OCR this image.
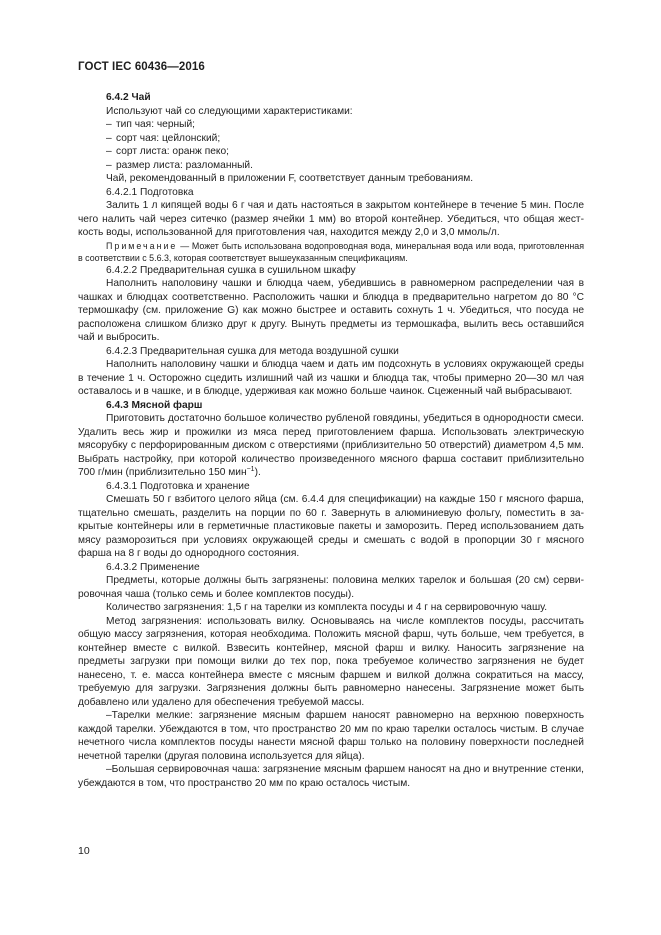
ГОСТ IEC 60436—2016

6.4.2 Чай

Используют чай со следующими характеристиками:

– тип чая: черный;

– сорт чая: цейлонский;

– сорт листа: оранж пеко;

– размер листа: разломанный.

Чай, рекомендованный в приложении F, соответствует данным требованиям.

6.4.2.1 Подготовка

Залить 1 л кипящей воды 6 г чая и дать настояться в закрытом контейнере в течение 5 мин. После чего налить чай через ситечко (размер ячейки 1 мм) во второй контейнер. Убедиться, что общая жесткость воды, использованной для приготовления чая, находится между 2,0 и 3,0 ммоль/л.

Примечание — Может быть использована водопроводная вода, минеральная вода или вода, приготовленная в соответствии с 5.6.3, которая соответствует вышеуказанным спецификациям.

6.4.2.2 Предварительная сушка в сушильном шкафу

Наполнить наполовину чашки и блюдца чаем, убедившись в равномерном распределении чая в чашках и блюдцах соответственно. Расположить чашки и блюдца в предварительно нагретом до 80 °С термошкафу (см. приложение G) как можно быстрее и оставить сохнуть 1 ч. Убедиться, что посуда не расположена слишком близко друг к другу. Вынуть предметы из термошкафа, вылить весь оставшийся чай и выбросить.

6.4.2.3 Предварительная сушка для метода воздушной сушки

Наполнить наполовину чашки и блюдца чаем и дать им подсохнуть в условиях окружающей среды в течение 1 ч. Осторожно сцедить излишний чай из чашки и блюдца так, чтобы примерно 20—30 мл чая оставалось и в чашке, и в блюдце, удерживая как можно больше чаинок. Сцеженный чай выбрасывают.

6.4.3 Мясной фарш

Приготовить достаточно большое количество рубленой говядины, убедиться в однородности смеси. Удалить весь жир и прожилки из мяса перед приготовлением фарша. Использовать электрическую мясорубку с перфорированным диском с отверстиями (приблизительно 50 отверстий) диаметром 4,5 мм. Выбрать настройку, при которой количество произведенного мясного фарша составит приблизительно 700 г/мин (приблизительно 150 мин$^{-1}$).

6.4.3.1 Подготовка и хранение

Смешать 50 г взбитого целого яйца (см. 6.4.4 для спецификации) на каждые 150 г мясного фарша, тщательно смешать, разделить на порции по 60 г. Завернуть в алюминиевую фольгу, поместить в закрытые контейнеры или в герметичные пластиковые пакеты и заморозить. Перед использованием дать мясу разморозиться при условиях окружающей среды и смешать с водой в пропорции 30 г мясного фарша на 8 г воды до однородного состояния.

6.4.3.2 Применение

Предметы, которые должны быть загрязнены: половина мелких тарелок и большая (20 см) сервировочная чаша (только семь и более комплектов посуды).

Количество загрязнения: 1,5 г на тарелки из комплекта посуды и 4 г на сервировочную чашу.

Метод загрязнения: использовать вилку. Основываясь на числе комплектов посуды, рассчитать общую массу загрязнения, которая необходима. Положить мясной фарш, чуть больше, чем требуется, в контейнер вместе с вилкой. Взвесить контейнер, мясной фарш и вилку. Наносить загрязнение на предметы загрузки при помощи вилки до тех пор, пока требуемое количество загрязнения не будет нанесено, т. е. масса контейнера вместе с мясным фаршем и вилкой должна сократиться на массу, требуемую для загрузки. Загрязнения должны быть равномерно нанесены. Загрязнение может быть добавлено или удалено для обеспечения требуемой массы.

–Тарелки мелкие: загрязнение мясным фаршем наносят равномерно на верхнюю поверхность каждой тарелки. Убеждаются в том, что пространство 20 мм по краю тарелки осталось чистым. В случае нечетного числа комплектов посуды нанести мясной фарш только на половину поверхности последней нечетной тарелки (другая половина используется для яйца).

–Большая сервировочная чаша: загрязнение мясным фаршем наносят на дно и внутренние стенки, убеждаются в том, что пространство 20 мм по краю осталось чистым.

10
